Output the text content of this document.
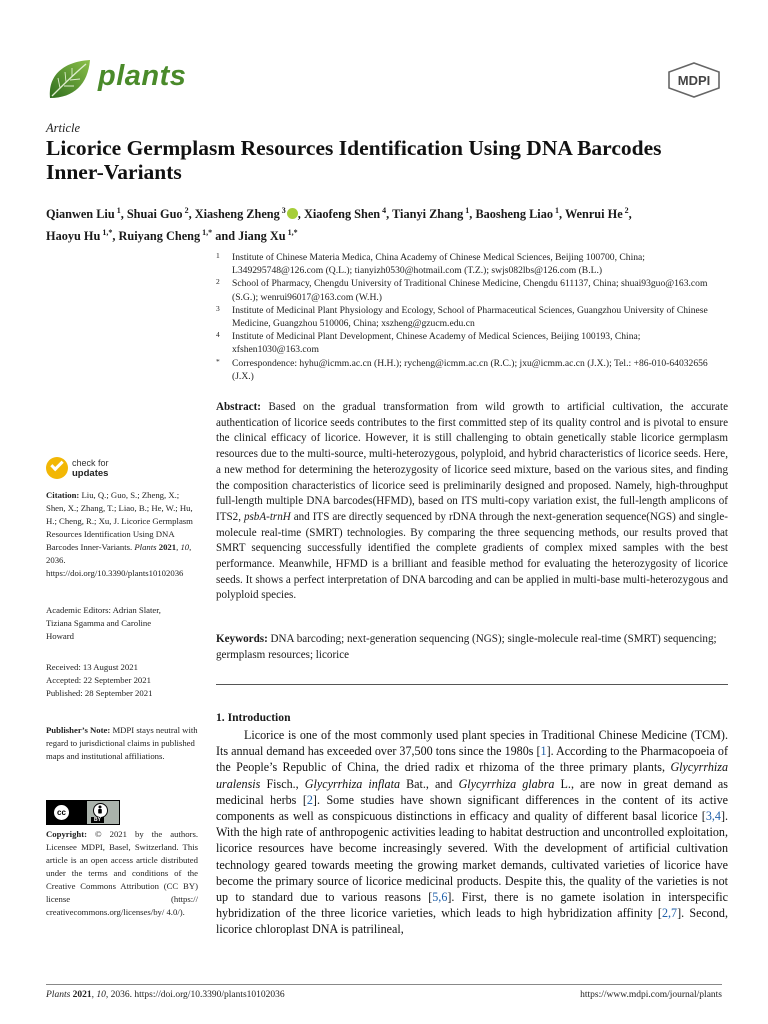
plants	MDPI
Article
Licorice Germplasm Resources Identification Using DNA Barcodes Inner-Variants
Qianwen Liu $^1$, Shuai Guo $^2$, Xiasheng Zheng $^3$ , Xiaofeng Shen $^4$, Tianyi Zhang $^1$, Baosheng Liao $^1$, Wenrui He $^2$,
Haoyu Hu $^{1,*}$, Ruiyang Cheng $^{1,*}$ and Jiang Xu $^{1,*}$
1 Institute of Chinese Materia Medica, China Academy of Chinese Medical Sciences, Beijing 100700, China; L349295748@126.com (Q.L.); tianyizh0530@hotmail.com (T.Z.); swjs082lbs@126.com (B.L.)
2 School of Pharmacy, Chengdu University of Traditional Chinese Medicine, Chengdu 611137, China; shuai93guo@163.com (S.G.); wenrui96017@163.com (W.H.)
3 Institute of Medicinal Plant Physiology and Ecology, School of Pharmaceutical Sciences, Guangzhou University of Chinese Medicine, Guangzhou 510006, China; xszheng@gzucm.edu.cn
4 Institute of Medicinal Plant Development, Chinese Academy of Medical Sciences, Beijing 100193, China; xfshen1030@163.com
* Correspondence: hyhu@icmm.ac.cn (H.H.); rycheng@icmm.ac.cn (R.C.); jxu@icmm.ac.cn (J.X.); Tel.: +86-010-64032656 (J.X.)
Abstract: Based on the gradual transformation from wild growth to artificial cultivation, the accurate authentication of licorice seeds contributes to the first committed step of its quality control and is pivotal to ensure the clinical efficacy of licorice. However, it is still challenging to obtain genetically stable licorice germplasm resources due to the multi-source, multi-heterozygous, polyploid, and hybrid characteristics of licorice seeds. Here, a new method for determining the heterozygosity of licorice seed mixture, based on the various sites, and finding the composition characteristics of licorice seed is preliminarily designed and proposed. Namely, high-throughput full-length multiple DNA barcodes(HFMD), based on ITS multi-copy variation exist, the full-length amplicons of ITS2, psbA-trnH and ITS are directly sequenced by rDNA through the next-generation sequence(NGS) and single-molecule real-time (SMRT) technologies. By comparing the three sequencing methods, our results proved that SMRT sequencing successfully identified the complete gradients of complex mixed samples with the best performance. Meanwhile, HFMD is a brilliant and feasible method for evaluating the heterozygosity of licorice seeds. It shows a perfect interpretation of DNA barcoding and can be applied in multi-base multi-heterozygous and polyploid species.
Keywords: DNA barcoding; next-generation sequencing (NGS); single-molecule real-time (SMRT) sequencing; germplasm resources; licorice
1. Introduction

Licorice is one of the most commonly used plant species in Traditional Chinese Medicine (TCM). Its annual demand has exceeded over 37,500 tons since the 1980s [1]. According to the Pharmacopoeia of the People’s Republic of China, the dried radix et rhizoma of the three primary plants, Glycyrrhiza uralensis Fisch., Glycyrrhiza inflata Bat., and Glycyrrhiza glabra L., are now in great demand as medicinal herbs [2]. Some studies have shown significant differences in the content of its active components as well as conspicuous distinctions in efficacy and quality of different basal licorice [3,4]. With the high rate of anthropogenic activities leading to habitat destruction and uncontrolled exploitation, licorice resources have become increasingly severed. With the development of artificial cultivation technology geared towards meeting the growing market demands, cultivated varieties of licorice have become the primary source of licorice medicinal products. Despite this, the quality of the varieties is not up to standard due to various reasons [5,6]. First, there is no gamete isolation in interspecific hybridization of the three licorice varieties, which leads to high hybridization affinity [2,7]. Second, licorice chloroplast DNA is patrilineal,

check for
updates
Citation: Liu, Q.; Guo, S.; Zheng, X.; Shen, X.; Zhang, T.; Liao, B.; He, W.; Hu, H.; Cheng, R.; Xu, J. Licorice Germplasm Resources Identification Using DNA Barcodes Inner-Variants. Plants 2021, 10, 2036. https://doi.org/10.3390/plants10102036
Academic Editors: Adrian Slater, Tiziana Sgamma and Caroline Howard
Received: 13 August 2021
Accepted: 22 September 2021
Published: 28 September 2021
Publisher’s Note: MDPI stays neutral with regard to jurisdictional claims in published maps and institutional affiliations.
cc
BY
Copyright: © 2021 by the authors. Licensee MDPI, Basel, Switzerland. This article is an open access article distributed under the terms and conditions of the Creative Commons Attribution (CC BY) license (https:// creativecommons.org/licenses/by/ 4.0/).
Plants 2021, 10, 2036. https://doi.org/10.3390/plants10102036	https://www.mdpi.com/journal/plants
